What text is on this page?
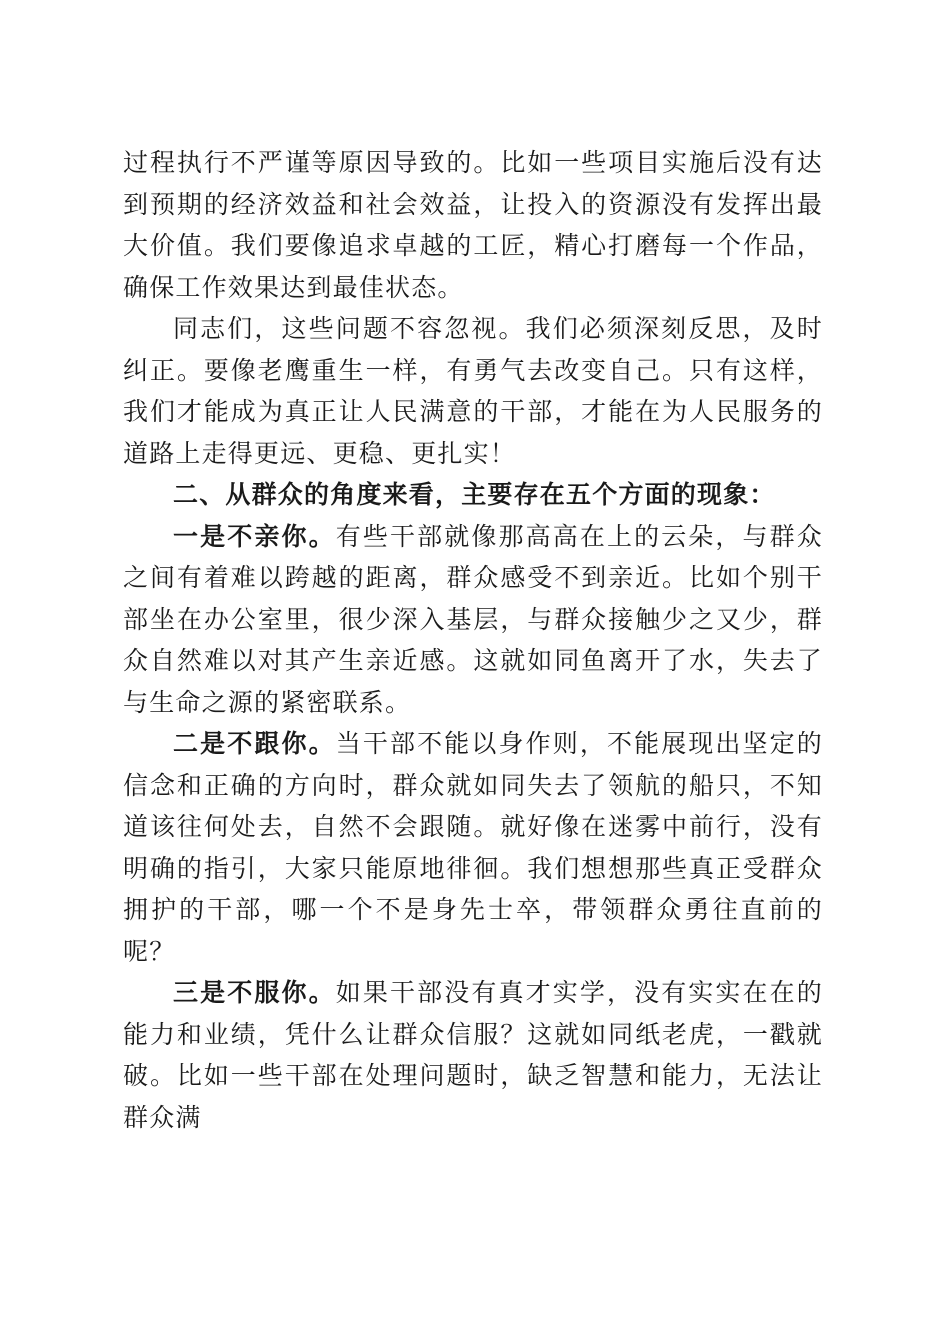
过程执行不严谨等原因导致的。比如一些项目实施后没有达到预期的经济效益和社会效益，让投入的资源没有发挥出最大价值。我们要像追求卓越的工匠，精心打磨每一个作品，确保工作效果达到最佳状态。

同志们，这些问题不容忽视。我们必须深刻反思，及时纠正。要像老鹰重生一样，有勇气去改变自己。只有这样，我们才能成为真正让人民满意的干部，才能在为人民服务的道路上走得更远、更稳、更扎实！

二、从群众的角度来看，主要存在五个方面的现象：

一是不亲你。有些干部就像那高高在上的云朵，与群众之间有着难以跨越的距离，群众感受不到亲近。比如个别干部坐在办公室里，很少深入基层，与群众接触少之又少，群众自然难以对其产生亲近感。这就如同鱼离开了水，失去了与生命之源的紧密联系。

二是不跟你。当干部不能以身作则，不能展现出坚定的信念和正确的方向时，群众就如同失去了领航的船只，不知道该往何处去，自然不会跟随。就好像在迷雾中前行，没有明确的指引，大家只能原地徘徊。我们想想那些真正受群众拥护的干部，哪一个不是身先士卒，带领群众勇往直前的呢？

三是不服你。如果干部没有真才实学，没有实实在在的能力和业绩，凭什么让群众信服？这就如同纸老虎，一戳就破。比如一些干部在处理问题时，缺乏智慧和能力，无法让群众满
